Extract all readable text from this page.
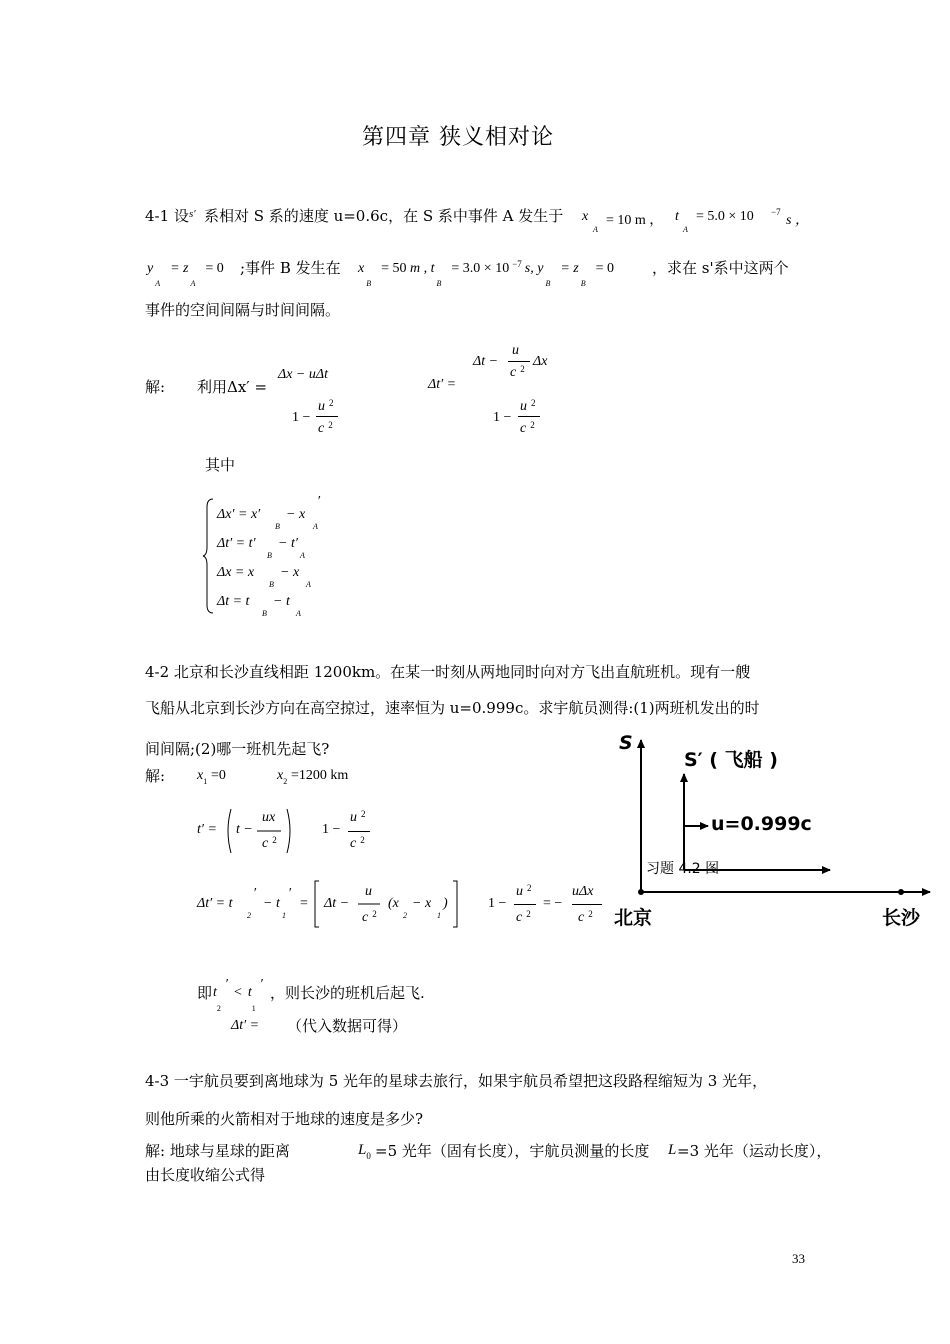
第四章 狭义相对论
4-1 设 s′ 系相对 S 系的速度 u=0.6c，在 S 系中事件 A 发生于 x
A
= 10 m ， t
A
= 5.0 × 10 −7
s ，
$y_A= z_A= 0$ ;事件 B 发生在 $x_B= 50$ m , $t_B= 3.0 \times 10$ $^{-7}$ s, $y_B= z_B= 0$	，求在 s'系中这两个
事件的空间间隔与时间间隔。
解: 利用Δx′ =
Δx − uΔt
1 −
u $^2$
c $^2$
Δt′ =
Δt −
u
c $^2$ Δx
1 −
u $^2$
c $^2$
其中
Δx′ = x′
B
− x
A
′
Δt′ = t′
B
− t′
A
Δx = x
B
− x
A
Δt = t
B
− t
A
4-2 北京和长沙直线相距 1200km。在某一时刻从两地同时向对方飞出直航班机。现有一艘
飞船从北京到长沙方向在高空掠过，速率恒为 u=0.999c。求宇航员测得:(1)两班机发出的时
间间隔;(2)哪一班机先起飞?
解: $x_1 =0$	$x_2 =1200$ km
t′ = t −
ux
c $^2$
1 −
u $^2$
c $^2$
Δt′ = t
2
′
− t
1
′
= Δt −
u
c $^2$
(x
2
− x
1
)	1 −
u $^2$
c $^2$
= −
uΔx
c $^2$
即 $t_2'< t_1'$ ，则长沙的班机后起飞.
Δt′ = （代入数据可得）
S
S′ ( 飞船 )
u=0.999c
习题 4.2 图
北京	长沙
4-3 一宇航员要到离地球为 5 光年的星球去旅行，如果宇航员希望把这段路程缩短为 3 光年，
则他所乘的火箭相对于地球的速度是多少?
解: 地球与星球的距离	$L_0 =5$ 光年（固有长度），宇航员测量的长度 L =3 光年（运动长度），
由长度收缩公式得
33
